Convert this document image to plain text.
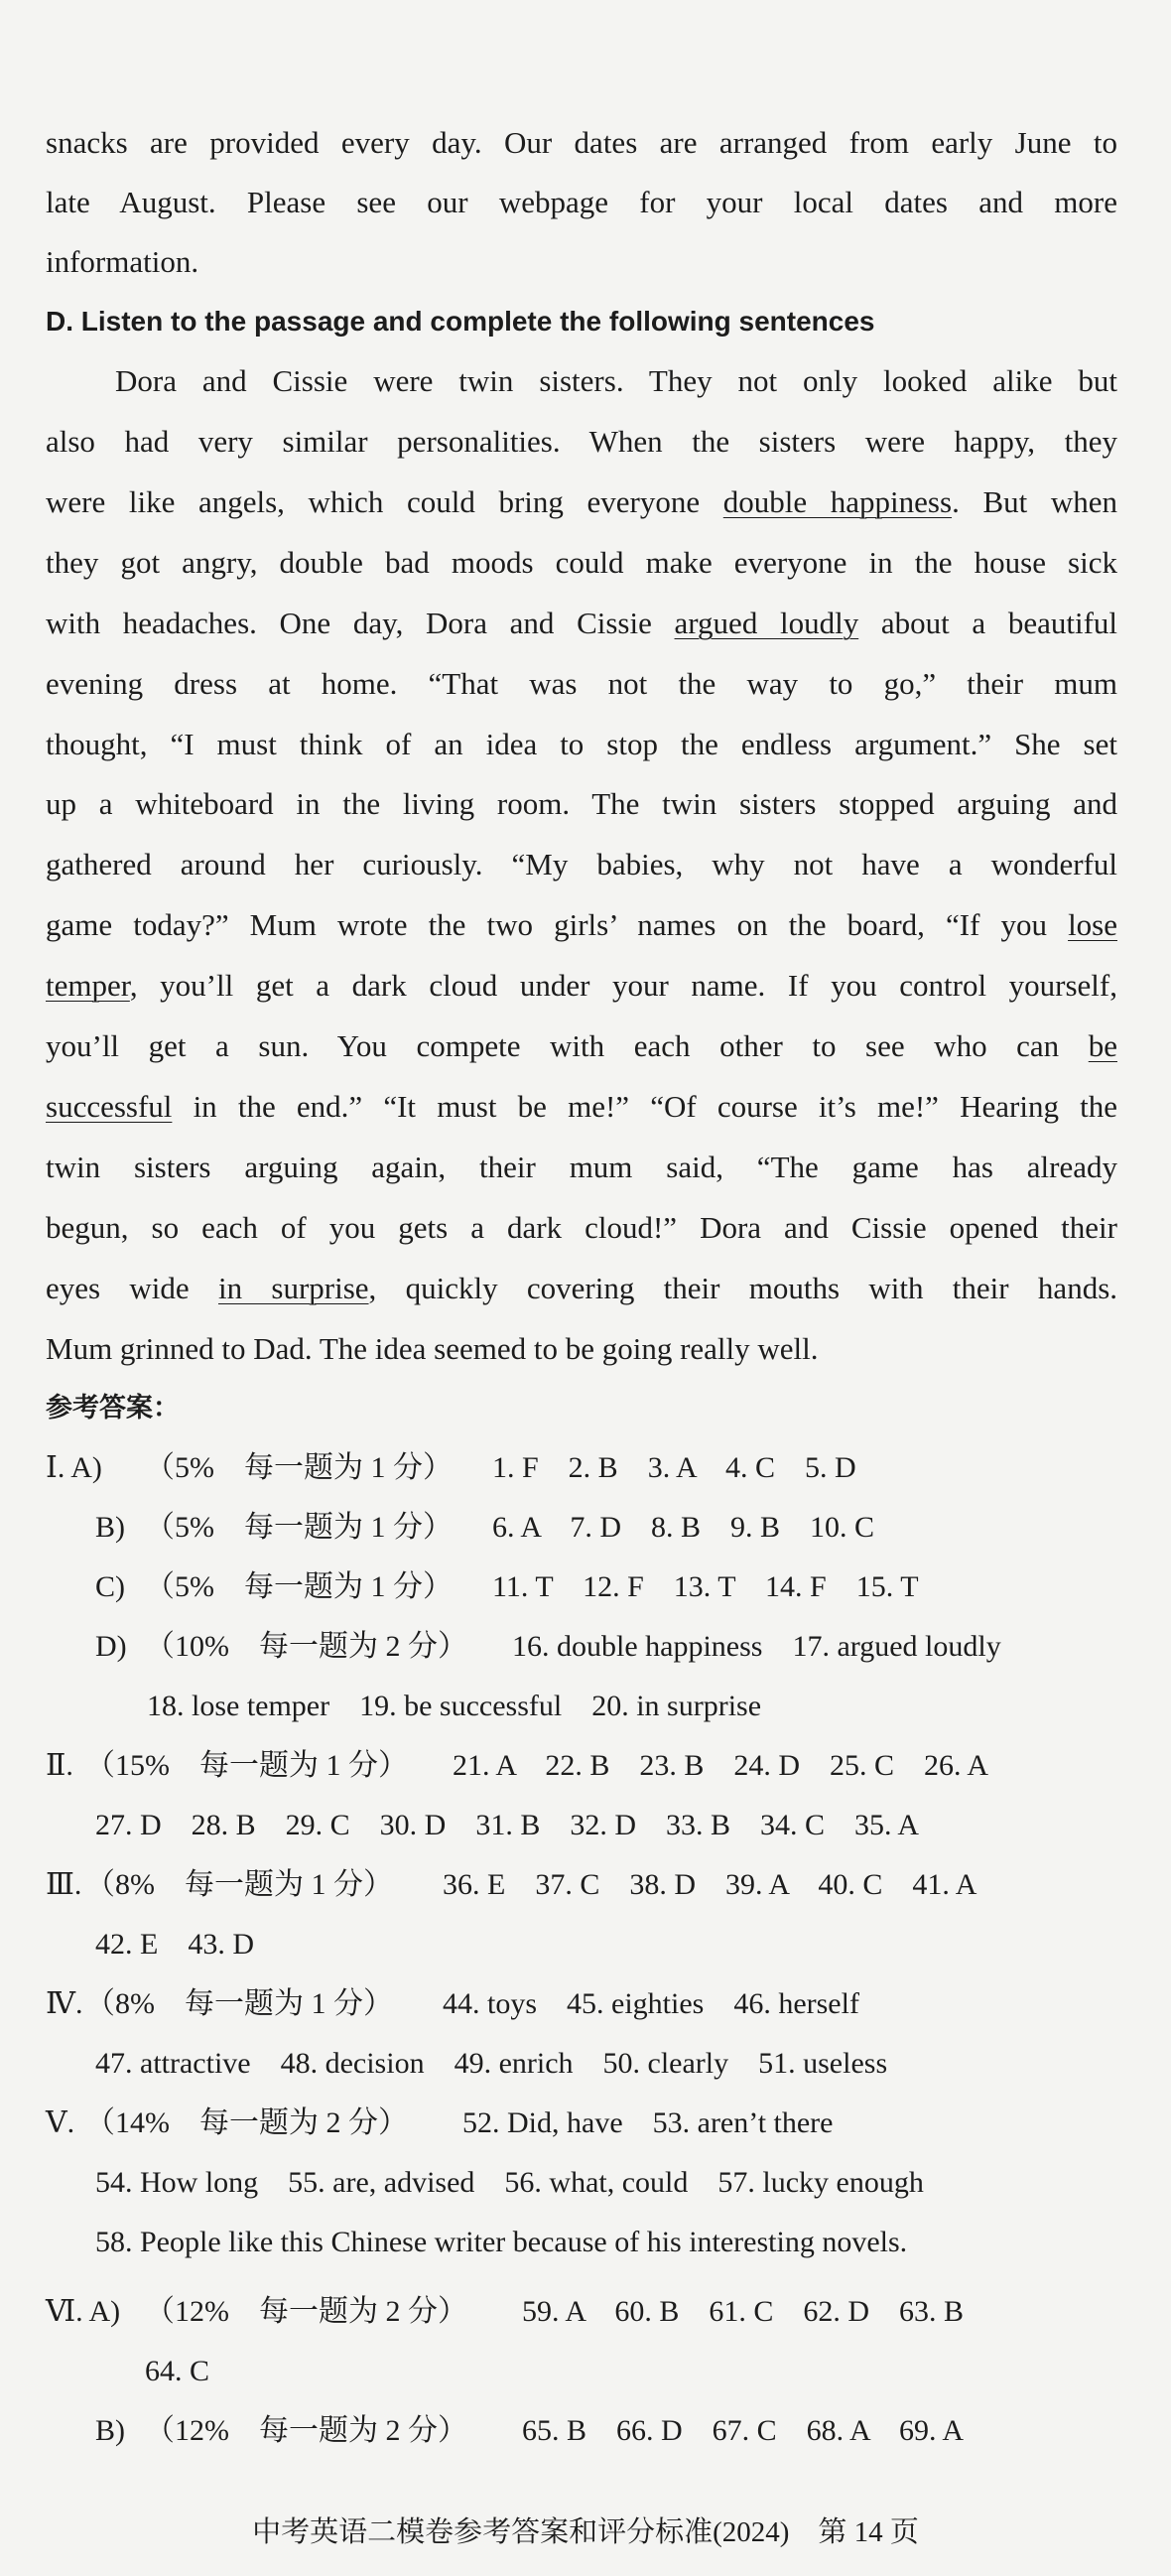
snacks are provided every day. Our dates are arranged from early June to
late August. Please see our webpage for your local dates and more
information.
D. Listen to the passage and complete the following sentences
Dora and Cissie were twin sisters. They not only looked alike but
also had very similar personalities. When the sisters were happy, they
were like angels, which could bring everyone double happiness. But when
they got angry, double bad moods could make everyone in the house sick
with headaches. One day, Dora and Cissie argued loudly about a beautiful
evening dress at home. “That was not the way to go,” their mum
thought, “I must think of an idea to stop the endless argument.” She set
up a whiteboard in the living room. The twin sisters stopped arguing and
gathered around her curiously. “My babies, why not have a wonderful
game today?” Mum wrote the two girls’ names on the board, “If you lose
temper, you’ll get a dark cloud under your name. If you control yourself,
you’ll get a sun. You compete with each other to see who can be
successful in the end.” “It must be me!” “Of course it’s me!” Hearing the
twin sisters arguing again, their mum said, “The game has already
begun, so each of you gets a dark cloud!” Dora and Cissie opened their
eyes wide in surprise, quickly covering their mouths with their hands.
Mum grinned to Dad. The idea seemed to be going really well.
参考答案：
Ⅰ. A) （5%　每一题为 1 分） 1. F　2. B　3. A　4. C　5. D
B) （5%　每一题为 1 分） 6. A　7. D　8. B　9. B　10. C
C) （5%　每一题为 1 分） 11. T　12. F　13. T　14. F　15. T
D) （10%　每一题为 2 分） 16. double happiness　17. argued loudly
18. lose temper　19. be successful　20. in surprise
Ⅱ. （15%　每一题为 1 分） 21. A　22. B　23. B　24. D　25. C　26. A
27. D　28. B　29. C　30. D　31. B　32. D　33. B　34. C　35. A
Ⅲ. （8%　每一题为 1 分） 36. E　37. C　38. D　39. A　40. C　41. A
42. E　43. D
Ⅳ. （8%　每一题为 1 分） 44. toys　45. eighties　46. herself
47. attractive　48. decision　49. enrich　50. clearly　51. useless
Ⅴ. （14%　每一题为 2 分） 52. Did, have　53. aren’t there
54. How long　55. are, advised　56. what, could　57. lucky enough
58. People like this Chinese writer because of his interesting novels.
Ⅵ. A) （12%　每一题为 2 分） 59. A　60. B　61. C　62. D　63. B
64. C
B) （12%　每一题为 2 分） 65. B　66. D　67. C　68. A　69. A
中考英语二模卷参考答案和评分标准(2024)　第 14 页
